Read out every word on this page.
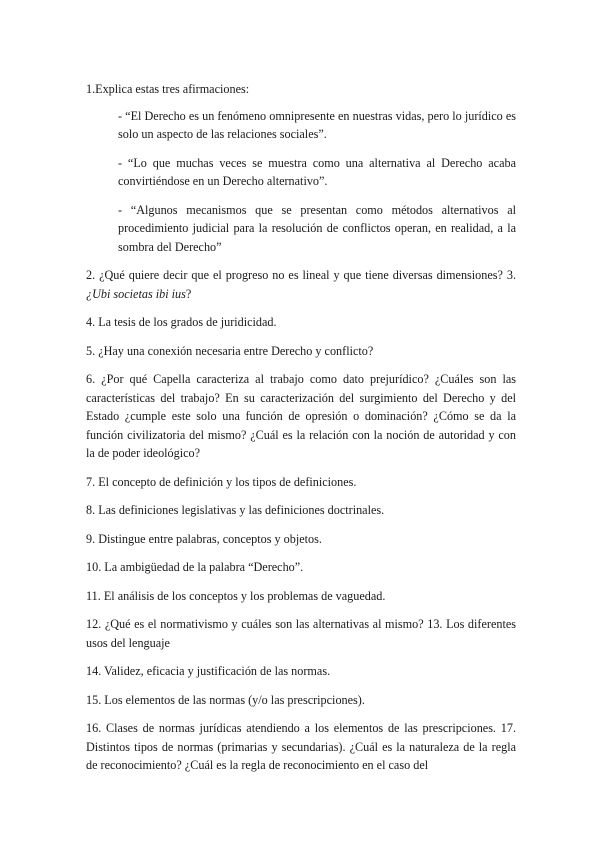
1.Explica estas tres afirmaciones:

- “El Derecho es un fenómeno omnipresente en nuestras vidas, pero lo jurídico es solo un aspecto de las relaciones sociales”.

- “Lo que muchas veces se muestra como una alternativa al Derecho acaba convirtiéndose en un Derecho alternativo”.

- “Algunos mecanismos que se presentan como métodos alternativos al procedimiento judicial para la resolución de conflictos operan, en realidad, a la sombra del Derecho”

2. ¿Qué quiere decir que el progreso no es lineal y que tiene diversas dimensiones? 3. ¿Ubi societas ibi ius?

4. La tesis de los grados de juridicidad.

5. ¿Hay una conexión necesaria entre Derecho y conflicto?

6. ¿Por qué Capella caracteriza al trabajo como dato prejurídico? ¿Cuáles son las características del trabajo? En su caracterización del surgimiento del Derecho y del Estado ¿cumple este solo una función de opresión o dominación? ¿Cómo se da la función civilizatoria del mismo? ¿Cuál es la relación con la noción de autoridad y con la de poder ideológico?

7. El concepto de definición y los tipos de definiciones.

8. Las definiciones legislativas y las definiciones doctrinales.

9. Distingue entre palabras, conceptos y objetos.

10. La ambigüedad de la palabra “Derecho”.

11. El análisis de los conceptos y los problemas de vaguedad.

12. ¿Qué es el normativismo y cuáles son las alternativas al mismo? 13. Los diferentes usos del lenguaje

14. Validez, eficacia y justificación de las normas.

15. Los elementos de las normas (y/o las prescripciones).

16. Clases de normas jurídicas atendiendo a los elementos de las prescripciones. 17. Distintos tipos de normas (primarias y secundarias). ¿Cuál es la naturaleza de la regla de reconocimiento? ¿Cuál es la regla de reconocimiento en el caso del
